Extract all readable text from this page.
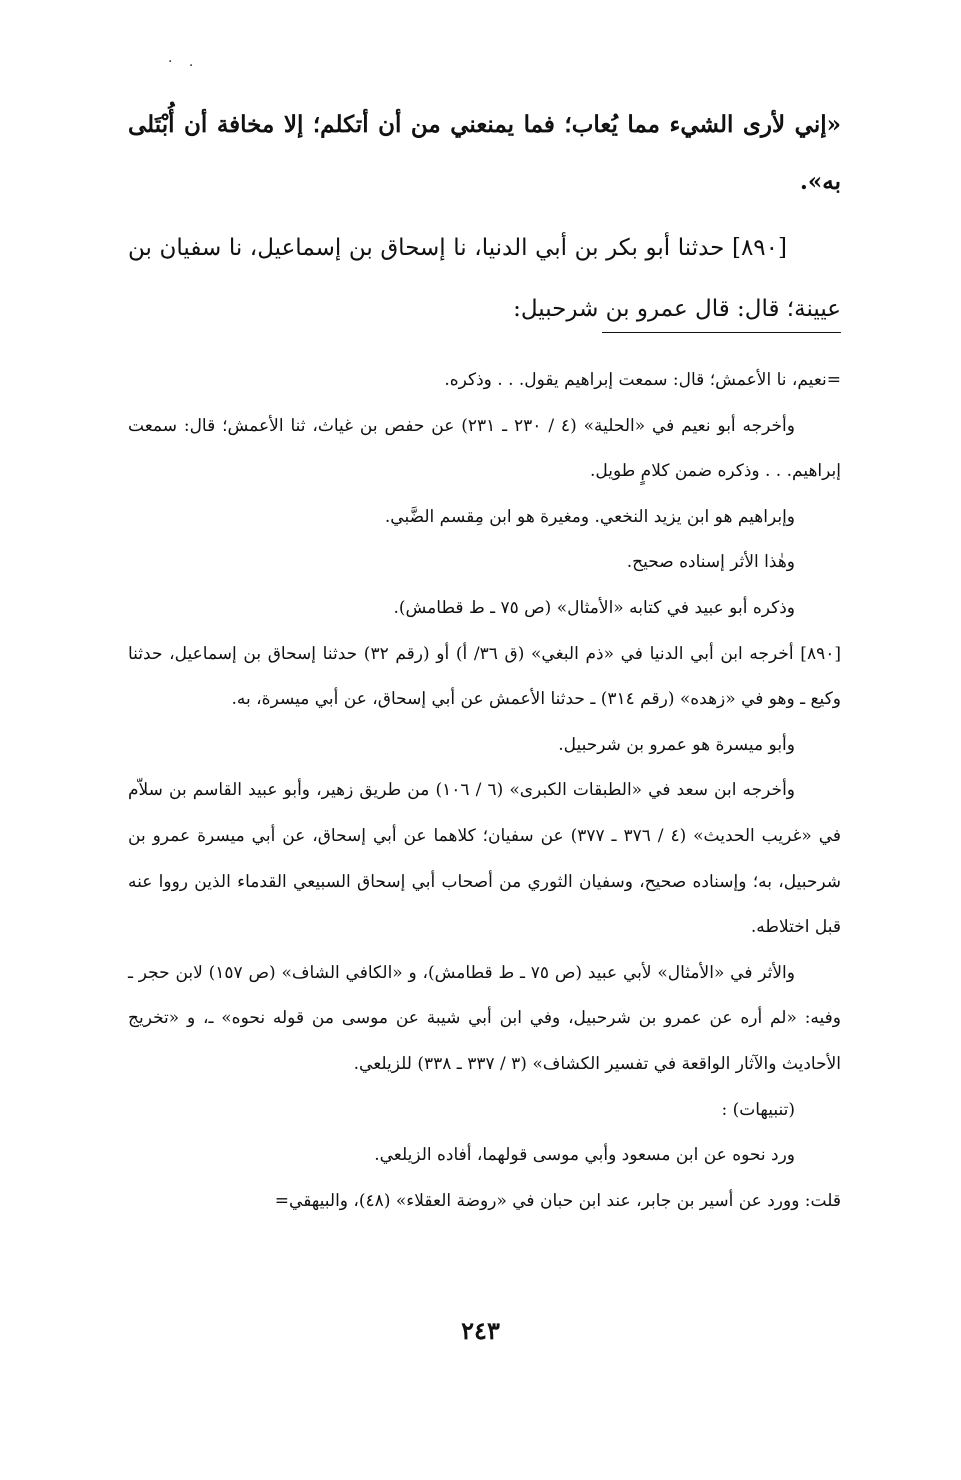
· .

«إني لأرى الشيء مما يُعاب؛ فما يمنعني من أن أتكلم؛ إلا مخافة أن أُبْتَلى به».

[٨٩٠] حدثنا أبو بكر بن أبي الدنيا، نا إسحاق بن إسماعيل، نا سفيان بن عيينة؛ قال: قال عمرو بن شرحبيل:

=نعيم، نا الأعمش؛ قال: سمعت إبراهيم يقول. . . وذكره.

وأخرجه أبو نعيم في «الحلية» (٤ / ٢٣٠ ـ ٢٣١) عن حفص بن غياث، ثنا الأعمش؛ قال: سمعت إبراهيم. . . وذكره ضمن كلامٍ طويل.

وإبراهيم هو ابن يزيد النخعي. ومغيرة هو ابن مِقسم الضَّبي.

وهٰذا الأثر إسناده صحيح.

وذكره أبو عبيد في كتابه «الأمثال» (ص ٧٥ ـ ط قطامش).

[٨٩٠] أخرجه ابن أبي الدنيا في «ذم البغي» (ق ٣٦/ أ) أو (رقم ٣٢) حدثنا إسحاق بن إسماعيل، حدثنا وكيع ـ وهو في «زهده» (رقم ٣١٤) ـ حدثنا الأعمش عن أبي إسحاق، عن أبي ميسرة، به.

وأبو ميسرة هو عمرو بن شرحبيل.

وأخرجه ابن سعد في «الطبقات الكبرى» (٦ / ١٠٦) من طريق زهير، وأبو عبيد القاسم بن سلاّم في «غريب الحديث» (٤ / ٣٧٦ ـ ٣٧٧) عن سفيان؛ كلاهما عن أبي إسحاق، عن أبي ميسرة عمرو بن شرحبيل، به؛ وإسناده صحيح، وسفيان الثوري من أصحاب أبي إسحاق السبيعي القدماء الذين رووا عنه قبل اختلاطه.

والأثر في «الأمثال» لأبي عبيد (ص ٧٥ ـ ط قطامش)، و «الكافي الشاف» (ص ١٥٧) لابن حجر ـ وفيه: «لم أره عن عمرو بن شرحبيل، وفي ابن أبي شيبة عن موسى من قوله نحوه» ـ، و «تخريج الأحاديث والآثار الواقعة في تفسير الكشاف» (٣ / ٣٣٧ ـ ٣٣٨) للزيلعي.

(تنبيهات) :

ورد نحوه عن ابن مسعود وأبي موسى قولهما، أفاده الزيلعي.

قلت: وورد عن أسير بن جابر، عند ابن حبان في «روضة العقلاء» (٤٨)، والبيهقي=

٢٤٣
